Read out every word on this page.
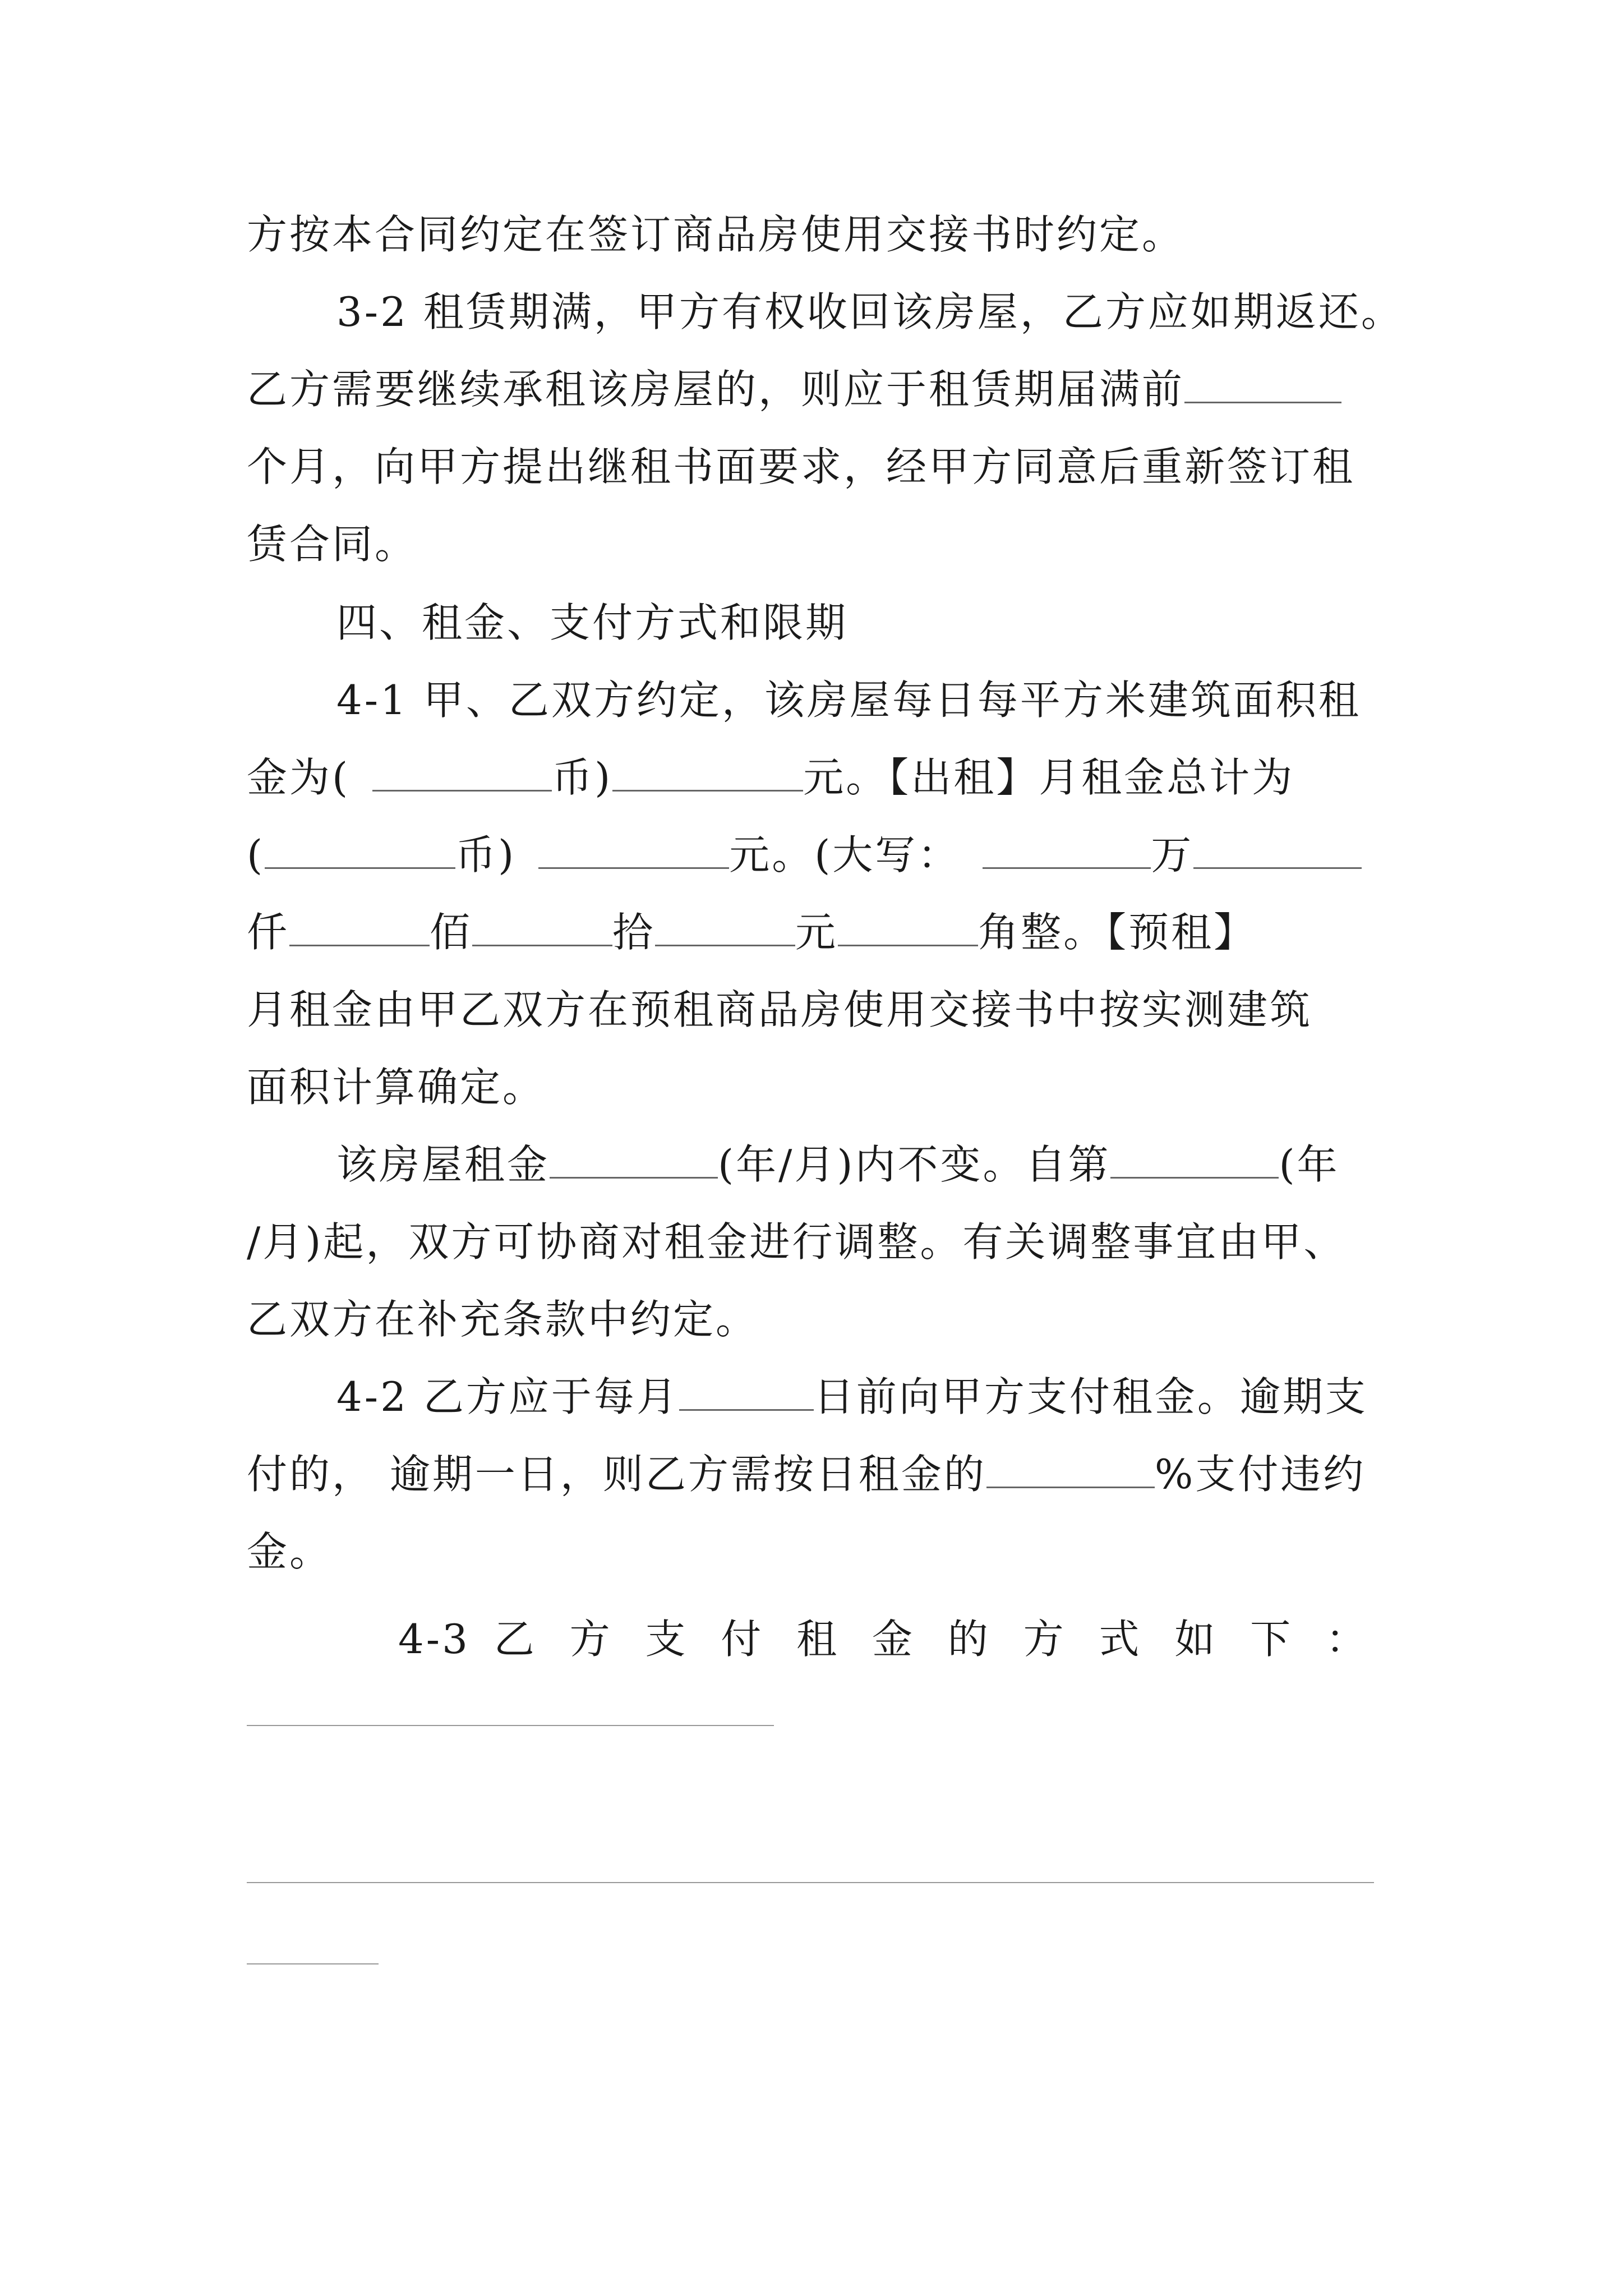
方按本合同约定在签订商品房使用交接书时约定。
3-2 租赁期满，甲方有权收回该房屋，乙方应如期返还。
乙方需要继续承租该房屋的，则应于租赁期届满前
个月，向甲方提出继租书面要求，经甲方同意后重新签订租
赁合同。
四、租金、支付方式和限期
4-1 甲、乙双方约定，该房屋每日每平方米建筑面积租
金为(	币)	元。【出租】月租金总计为
(	币)	元。(大写：	万
仟	佰	拾	元	角整。【预租】
月租金由甲乙双方在预租商品房使用交接书中按实测建筑
面积计算确定。
该房屋租金	(年/月)内不变。自第	(年
/月)起，双方可协商对租金进行调整。有关调整事宜由甲、
乙双方在补充条款中约定。
4-2 乙方应于每月	日前向甲方支付租金。逾期支
付的， 逾期一日，则乙方需按日租金的	%支付违约
金。
4-3 乙 方 支 付 租 金 的 方 式 如 下 ：
